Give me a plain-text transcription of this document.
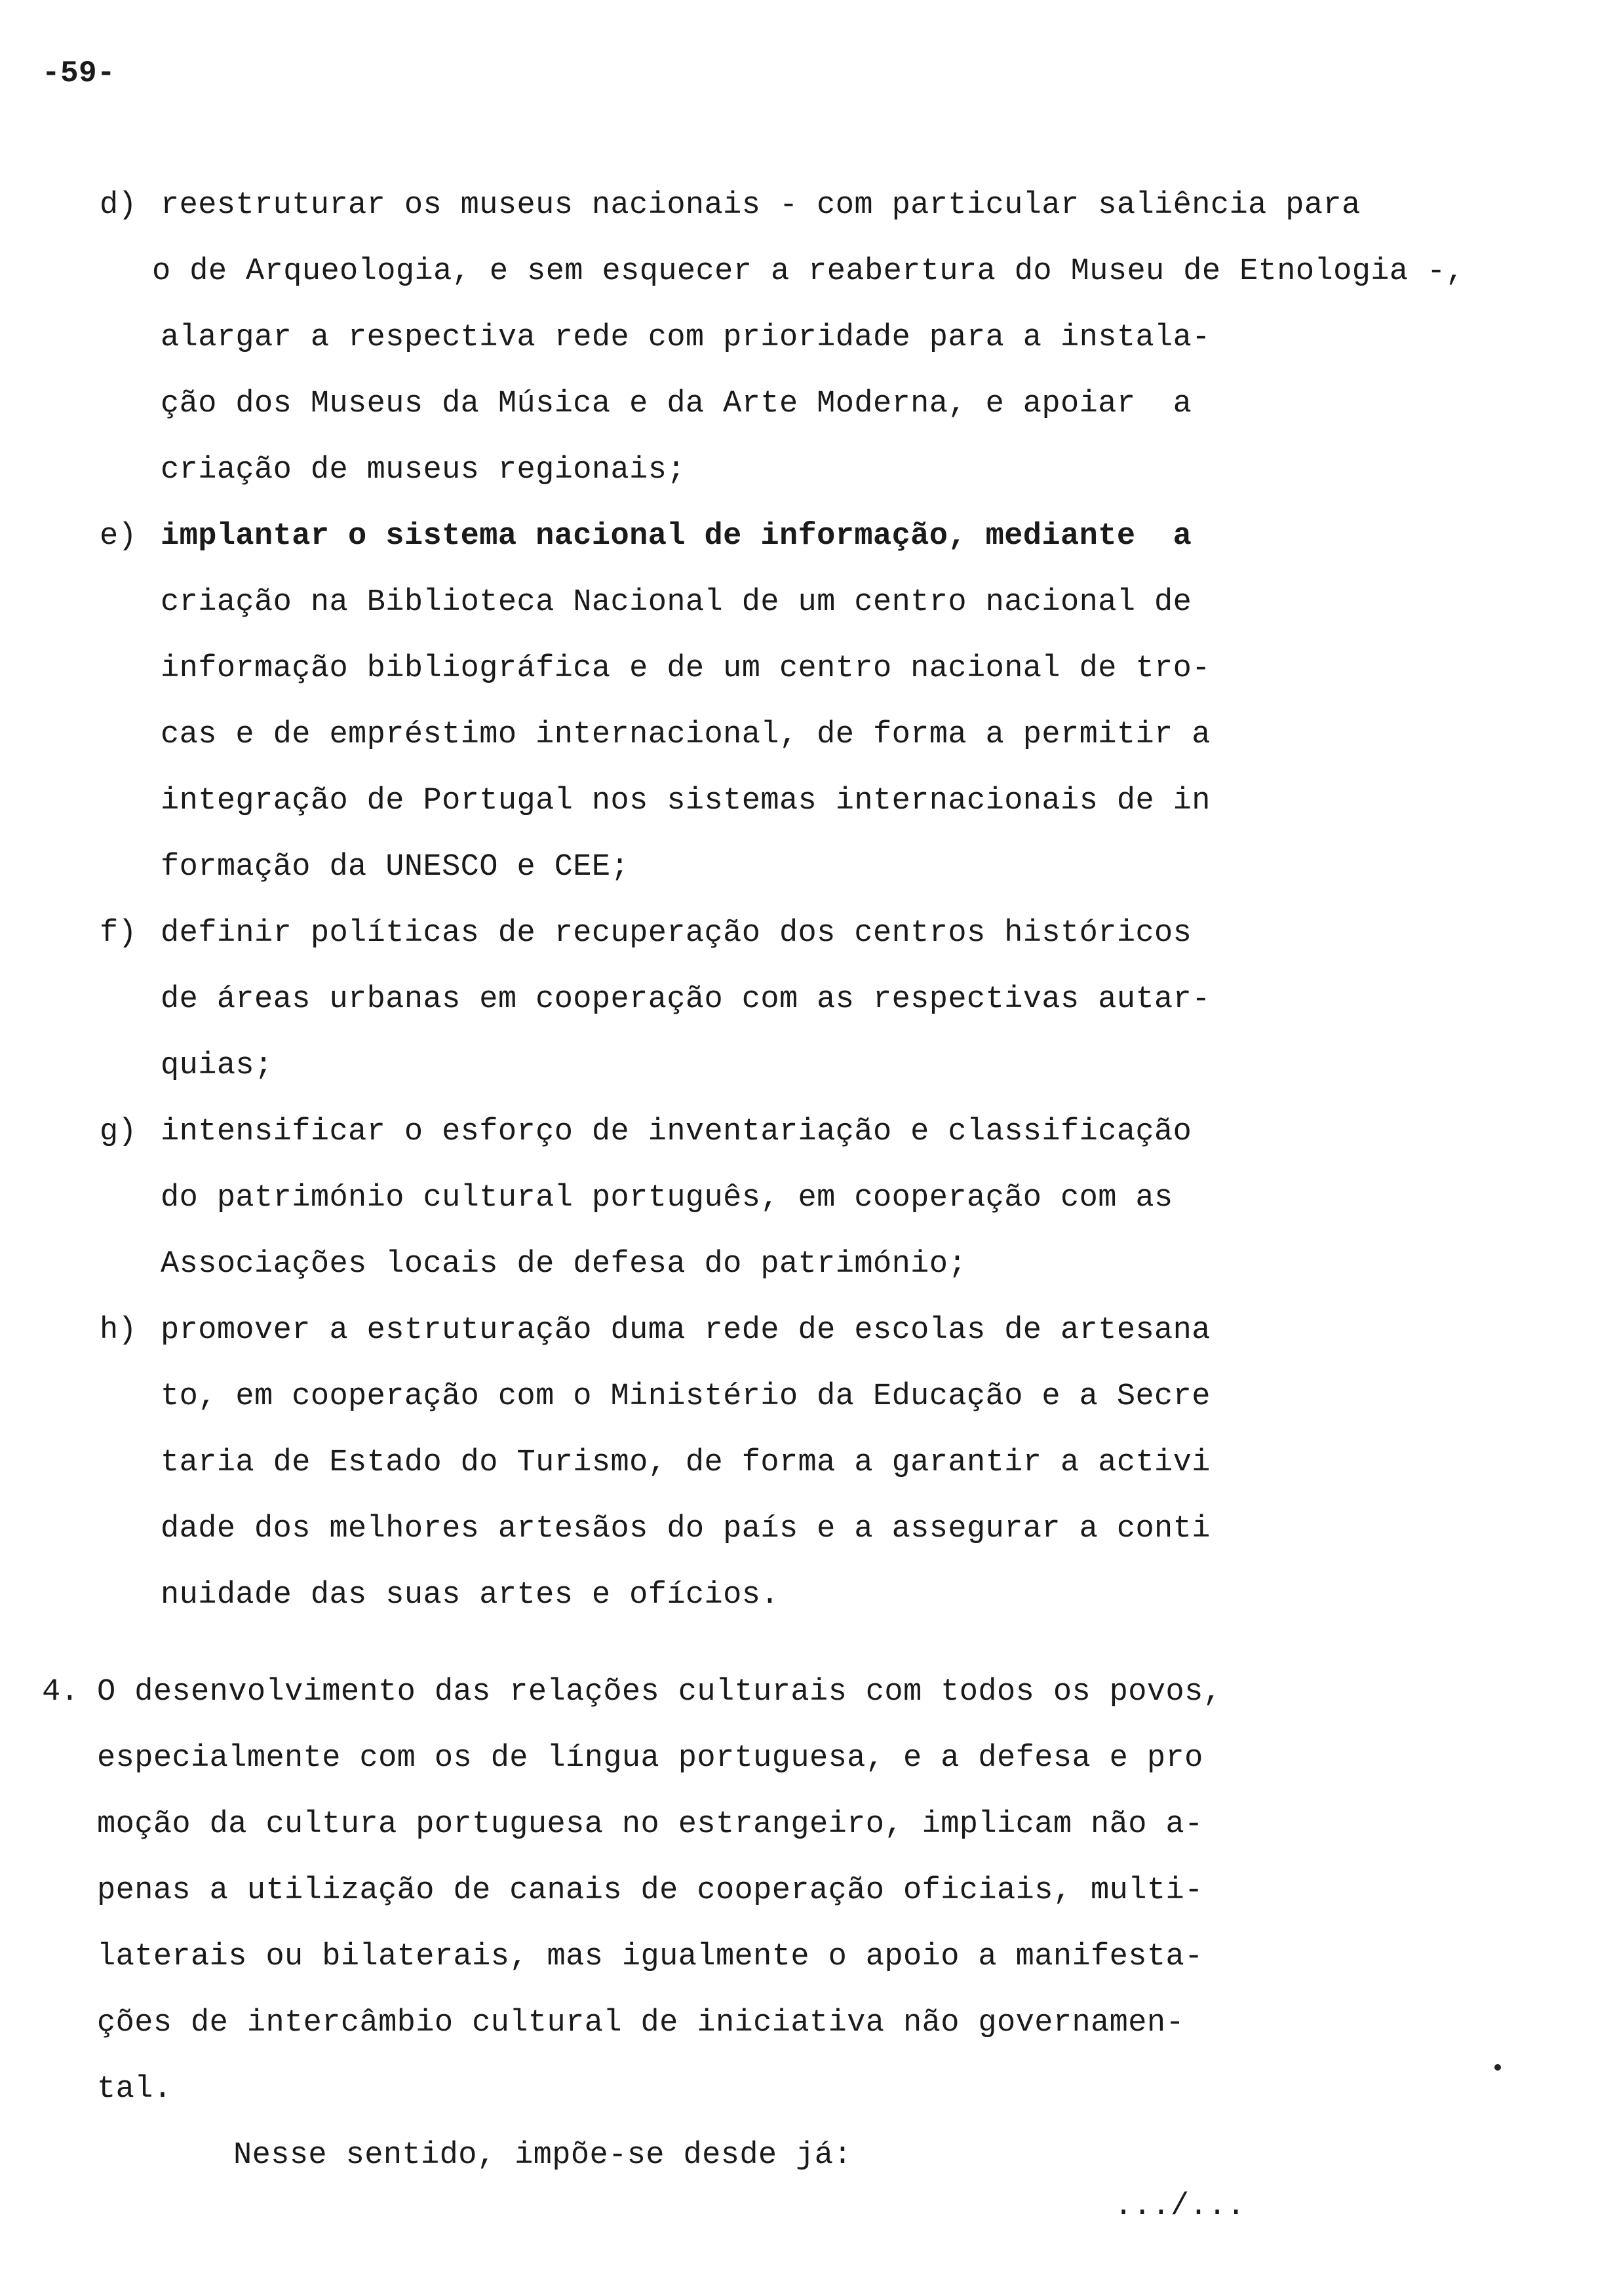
-59-
d) reestruturar os museus nacionais - com particular saliência para
o de Arqueologia, e sem esquecer a reabertura do Museu de Etnologia -,
alargar a respectiva rede com prioridade para a instala-
ção dos Museus da Música e da Arte Moderna, e apoiar  a
criação de museus regionais;
e) implantar o sistema nacional de informação, mediante  a
criação na Biblioteca Nacional de um centro nacional de
informação bibliográfica e de um centro nacional de tro-
cas e de empréstimo internacional, de forma a permitir a
integração de Portugal nos sistemas internacionais de in
formação da UNESCO e CEE;
f) definir políticas de recuperação dos centros históricos
de áreas urbanas em cooperação com as respectivas autar-
quias;
g) intensificar o esforço de inventariação e classificação
do património cultural português, em cooperação com as
Associações locais de defesa do património;
h) promover a estruturação duma rede de escolas de artesana
to, em cooperação com o Ministério da Educação e a Secre
taria de Estado do Turismo, de forma a garantir a activi
dade dos melhores artesãos do país e a assegurar a conti
nuidade das suas artes e ofícios.
4. O desenvolvimento das relações culturais com todos os povos,
especialmente com os de língua portuguesa, e a defesa e pro
moção da cultura portuguesa no estrangeiro, implicam não a-
penas a utilização de canais de cooperação oficiais, multi-
laterais ou bilaterais, mas igualmente o apoio a manifesta-
ções de intercâmbio cultural de iniciativa não governamen-
tal.
Nesse sentido, impõe-se desde já:
.../...
